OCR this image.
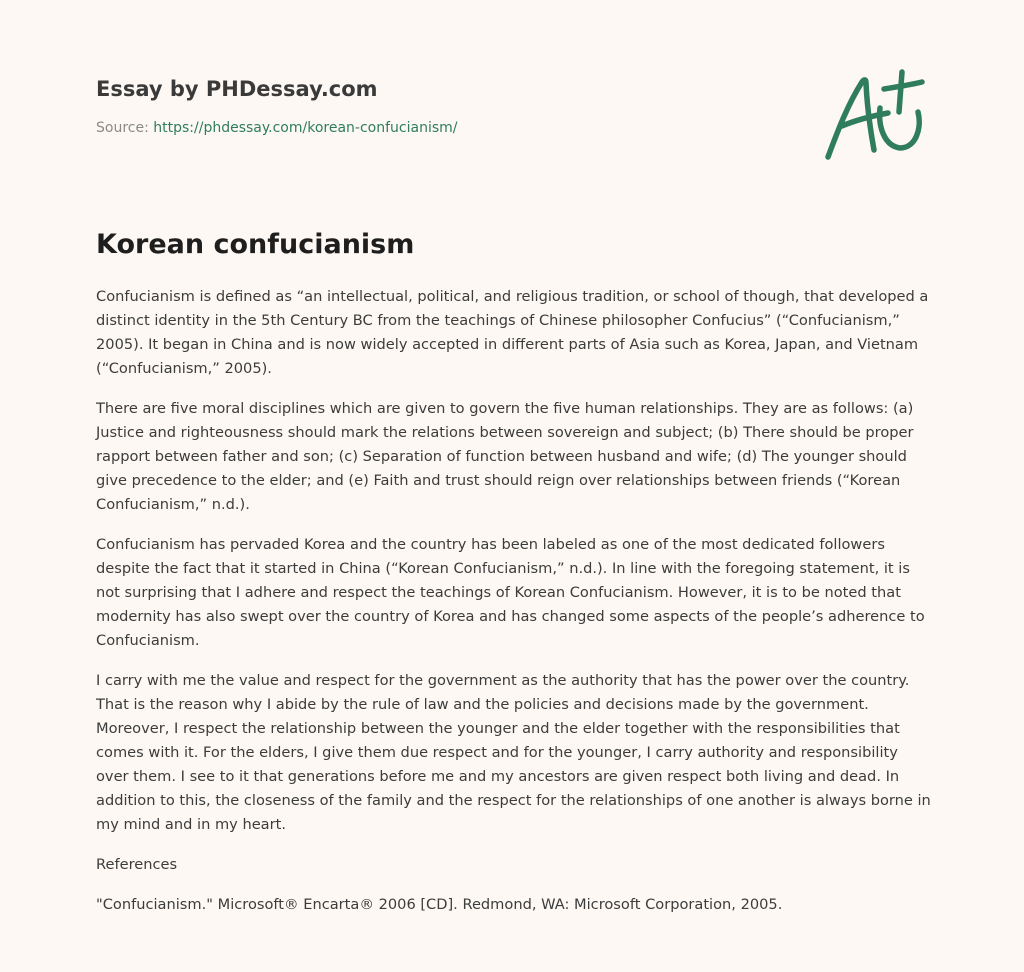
Essay by PHDessay.com
Source: https://phdessay.com/korean-confucianism/
Korean confucianism

Confucianism is defined as “an intellectual, political, and religious tradition, or school of though, that developed a distinct identity in the 5th Century BC from the teachings of Chinese philosopher Confucius” (“Confucianism,” 2005). It began in China and is now widely accepted in different parts of Asia such as Korea, Japan, and Vietnam (“Confucianism,” 2005).

There are five moral disciplines which are given to govern the five human relationships. They are as follows: (a) Justice and righteousness should mark the relations between sovereign and subject; (b) There should be proper rapport between father and son; (c) Separation of function between husband and wife; (d) The younger should give precedence to the elder; and (e) Faith and trust should reign over relationships between friends (“Korean Confucianism,” n.d.).

Confucianism has pervaded Korea and the country has been labeled as one of the most dedicated followers despite the fact that it started in China (“Korean Confucianism,” n.d.). In line with the foregoing statement, it is not surprising that I adhere and respect the teachings of Korean Confucianism. However, it is to be noted that modernity has also swept over the country of Korea and has changed some aspects of the people’s adherence to Confucianism.

I carry with me the value and respect for the government as the authority that has the power over the country. That is the reason why I abide by the rule of law and the policies and decisions made by the government. Moreover, I respect the relationship between the younger and the elder together with the responsibilities that comes with it. For the elders, I give them due respect and for the younger, I carry authority and responsibility over them. I see to it that generations before me and my ancestors are given respect both living and dead. In addition to this, the closeness of the family and the respect for the relationships of one another is always borne in my mind and in my heart.

References

"Confucianism." Microsoft® Encarta® 2006 [CD]. Redmond, WA: Microsoft Corporation, 2005.
